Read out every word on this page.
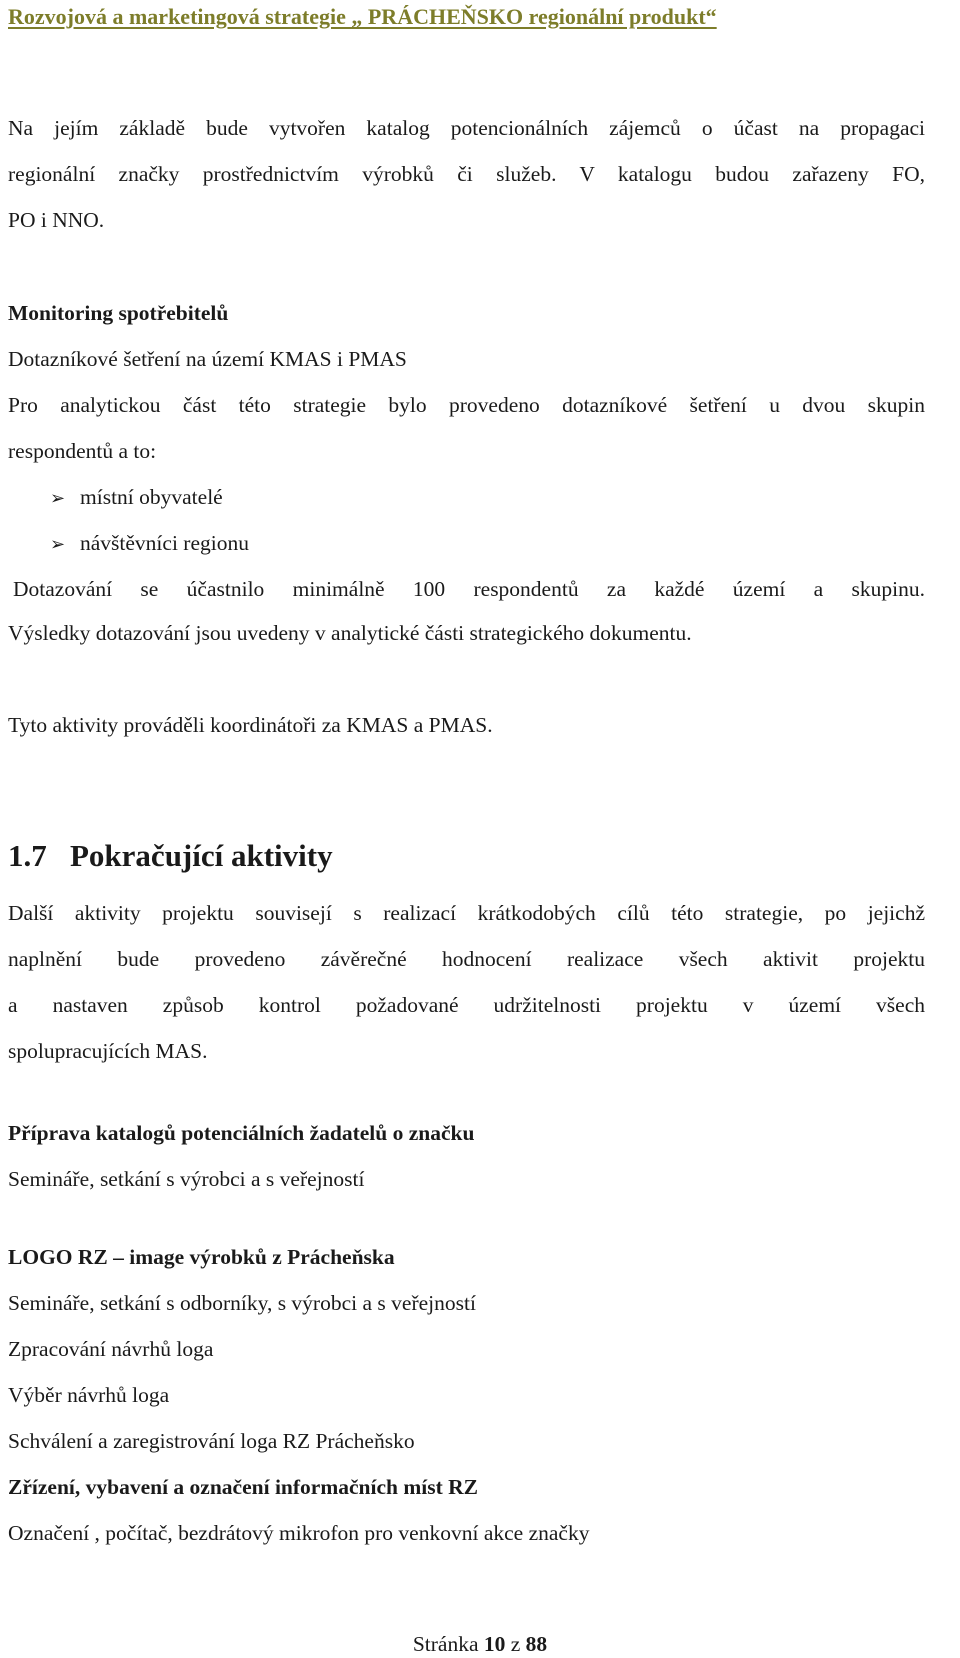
Rozvojová a marketingová strategie „ PRÁCHEŇSKO regionální produkt“
Na jejím základě bude vytvořen katalog potencionálních zájemců o účast na propagaci
regionální značky prostřednictvím výrobků či služeb. V katalogu budou zařazeny FO,
PO i NNO.
Monitoring spotřebitelů
Dotazníkové šetření na území KMAS i PMAS
Pro analytickou část této strategie bylo provedeno dotazníkové šetření u dvou skupin
respondentů a to:
➢ místní obyvatelé
➢ návštěvníci regionu
Dotazování se účastnilo minimálně 100 respondentů za každé území a skupinu.
Výsledky dotazování jsou uvedeny v analytické části strategického dokumentu.
Tyto aktivity prováděli koordinátoři za KMAS a PMAS.
1.7 Pokračující aktivity
Další aktivity projektu souvisejí s realizací krátkodobých cílů této strategie, po jejichž
naplnění bude provedeno závěrečné hodnocení realizace všech aktivit projektu
a nastaven způsob kontrol požadované udržitelnosti projektu v území všech
spolupracujících MAS.
Příprava katalogů potenciálních žadatelů o značku
Semináře, setkání s výrobci a s veřejností
LOGO RZ – image výrobků z Prácheňska
Semináře, setkání s odborníky, s výrobci a s veřejností
Zpracování návrhů loga
Výběr návrhů loga
Schválení a zaregistrování loga RZ Prácheňsko
Zřízení, vybavení a označení informačních míst RZ
Označení , počítač, bezdrátový mikrofon pro venkovní akce značky
Stránka 10 z 88
